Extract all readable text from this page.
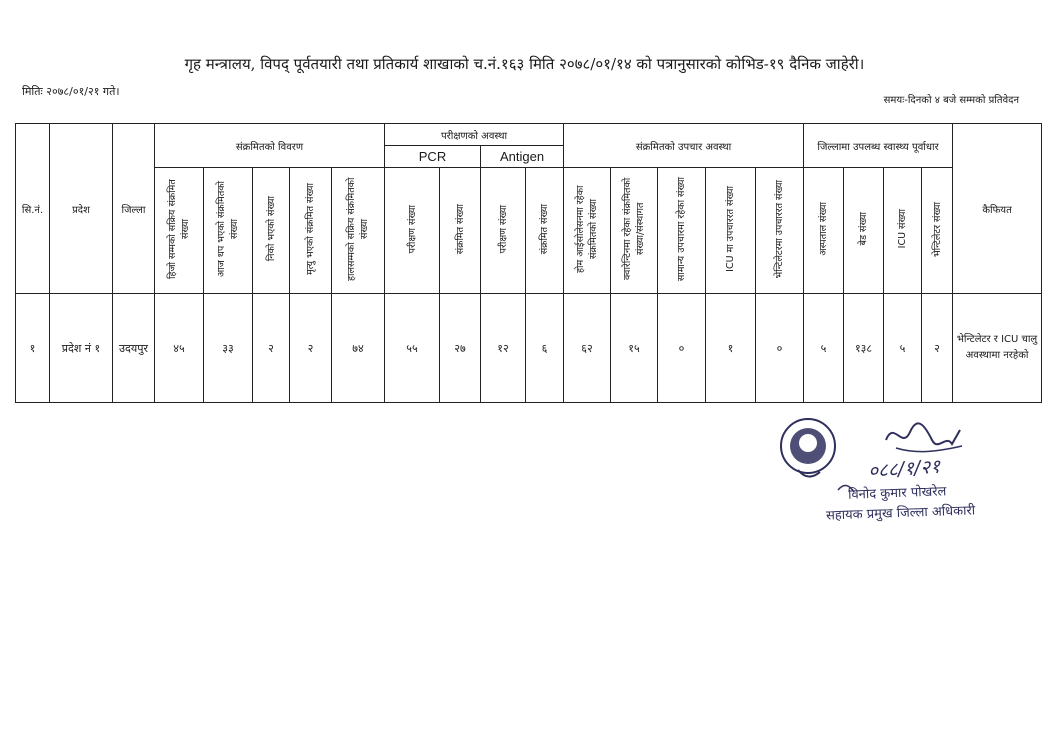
गृह मन्त्रालय, विपद् पूर्वतयारी तथा प्रतिकार्य शाखाको च.नं.१६३ मिति २०७८/०१/१४ को पत्रानुसारको कोभिड-१९ दैनिक जाहेरी।
मितिः २०७८/०१/२१ गते।
समयः-दिनको ४ बजे सम्मको प्रतिवेदन
सि.नं.	प्रदेश	जिल्ला	संक्रमितको विवरण					परीक्षणको अवस्था				संक्रमितको उपचार अवस्था					जिल्लामा उपलब्ध स्वास्थ्य पूर्वाधार				कैफियत
								PCR		Antigen											
			हिजो सम्मको सक्रिय संक्रमित संख्या	आज थप भएको संक्रमितको संख्या	निको भएको संख्या	मृत्यु भएको संक्रमित संख्या	हालसम्मको सक्रिय संक्रमितको संख्या	परीक्षण संख्या	संक्रमित संख्या	परीक्षण संख्या	संक्रमित संख्या	होम आईसोलेसनमा रहेका संक्रमितको संख्या	क्वारेन्टिनमा रहेका संक्रमितको संख्या/संस्थागत	सामान्य उपचारमा रहेका संख्या	ICU मा उपचाररत संख्या	भेन्टिलेटरमा उपचाररत संख्या	अस्पताल संख्या	बेड संख्या	ICU संख्या	भेन्टिलेटर संख्या	
१	प्रदेश नं १	उदयपुर	४५	३३	२	२	७४	५५	२७	१२	६	६२	१५	०	१	०	५	१३८	५	२	भेन्टिलेटर र ICU चालु अवस्थामा नरहेको
०८८/१/२१
विनोद कुमार पोखरेल
सहायक प्रमुख जिल्ला अधिकारी
